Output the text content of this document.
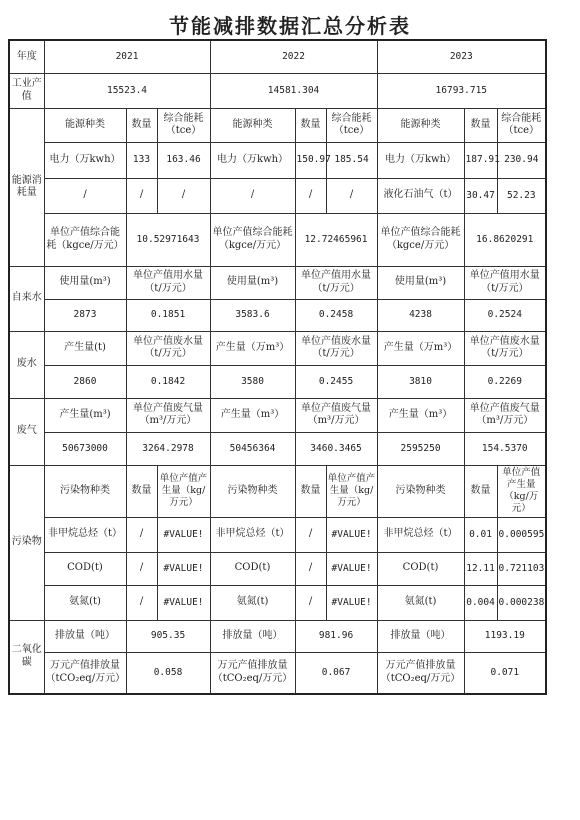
节能减排数据汇总分析表
年度	2021			2022			2023		
工业产值	15523.4			14581.304			16793.715		
能源消耗量	能源种类	数量	综合能耗（tce）	能源种类	数量	综合能耗（tce）	能源种类	数量	综合能耗（tce）
	电力（万kwh）	133	163.46	电力（万kwh）	150.97	185.54	电力（万kwh）	187.91	230.94
	/	/	/	/	/	/	液化石油气（t）	30.47	52.23
	单位产值综合能耗（kgce/万元）	10.52971643		单位产值综合能耗（kgce/万元）	12.72465961		单位产值综合能耗（kgce/万元）	16.8620291	
自来水	使用量(m³)	单位产值用水量（t/万元）		使用量(m³)	单位产值用水量（t/万元）		使用量(m³)	单位产值用水量（t/万元）	
	2873	0.1851		3583.6	0.2458		4238	0.2524	
废水	产生量(t)	单位产值废水量（t/万元）		产生量（万m³）	单位产值废水量（t/万元）		产生量（万m³）	单位产值废水量（t/万元）	
	2860	0.1842		3580	0.2455		3810	0.2269	
废气	产生量(m³)	单位产值废气量（m³/万元）		产生量（m³）	单位产值废气量（m³/万元）		产生量（m³）	单位产值废气量（m³/万元）	
	50673000	3264.2978		50456364	3460.3465		2595250	154.5370	
污染物	污染物种类	数量	单位产值产生量（kg/万元）	污染物种类	数量	单位产值产生量（kg/万元）	污染物种类	数量	单位产值产生量（kg/万元）
	非甲烷总烃（t）	/	#VALUE!	非甲烷总烃（t）	/	#VALUE!	非甲烷总烃（t）	0.01	0.000595
	COD(t)	/	#VALUE!	COD(t)	/	#VALUE!	COD(t)	12.11	0.721103
	氨氮(t)	/	#VALUE!	氨氮(t)	/	#VALUE!	氨氮(t)	0.004	0.000238
二氧化碳	排放量（吨）	905.35		排放量（吨）	981.96		排放量（吨）	1193.19	
	万元产值排放量（tCO₂eq/万元）	0.058		万元产值排放量（tCO₂eq/万元）	0.067		万元产值排放量（tCO₂eq/万元）	0.071	
